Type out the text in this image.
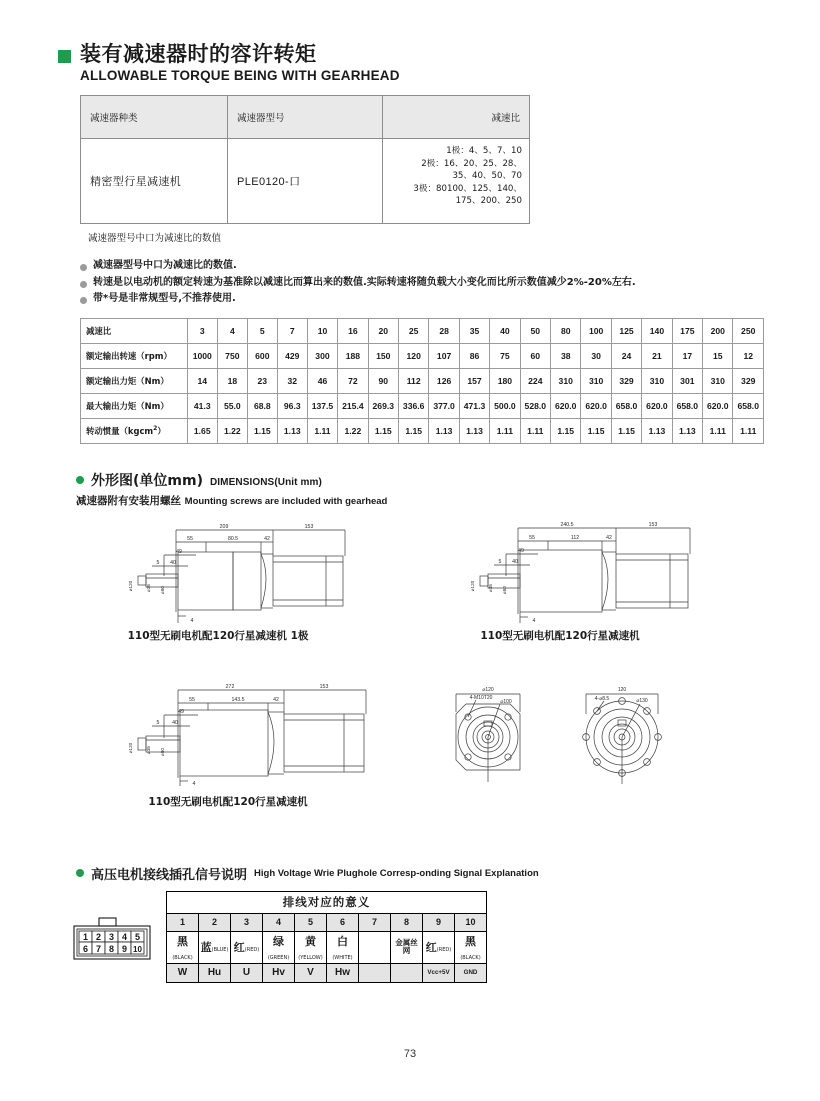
装有减速器时的容许转矩
ALLOWABLE TORQUE BEING WITH GEARHEAD
减速器种类	减速器型号	减速比
精密型行星减速机	PLE0120-口	1极：4、5、7、10
2极：16、20、25、28、
35、40、50、70
3极：80100、125、140、
175、200、250
减速器型号中口为减速比的数值
减速器型号中口为减速比的数值.
转速是以电动机的额定转速为基准除以减速比而算出来的数值.实际转速将随负载大小变化而比所示数值减少2%-20%左右.
带*号是非常规型号,不推荐使用.
减速比	3	4	5	7	10	16	20	25	28	35	40	50	80	100	125	140	175	200	250
额定输出转速（rpm）	1000	750	600	429	300	188	150	120	107	86	75	60	38	30	24	21	17	15	12
额定输出力矩（Nm）	14	18	23	32	46	72	90	112	126	157	180	224	310	310	329	310	301	310	329
最大输出力矩（Nm）	41.3	55.0	68.8	96.3	137.5	215.4	269.3	336.6	377.0	471.3	500.0	528.0	620.0	620.0	658.0	620.0	658.0	620.0	658.0
转动惯量（kgcm$^2$）	1.65	1.22	1.15	1.13	1.11	1.22	1.15	1.15	1.13	1.13	1.11	1.11	1.15	1.15	1.15	1.13	1.13	1.11	1.11
外形图(单位mm) DIMENSIONS(Unit mm)
减速器附有安装用螺丝 Mounting screws are included with gearhead
209	153
55	80.5	42
49
5 40
4
⌀120	⌀35 ⌀80
110型无刷电机配120行星减速机 1极
240.5	153
55	112	42
49
5 40
4
⌀120	⌀35 ⌀80
110型无刷电机配120行星减速机
272	153
55	143.5	42
49
5 40
4
⌀120	⌀35 ⌀80
110型无刷电机配120行星减速机
⌀120
4-M10T20
⌀100
120
4-⌀8.5	⌀130
高压电机接线插孔信号说明 High Voltage Wrie Plughole Corresp-onding Signal Explanation
1 2 3 4 5
6 7 8 9 10
排线对应的意义									
1	2	3	4	5	6	7	8	9	10
黑(BLACK)	蓝(BLUE)	红(RED)	绿(GREEN)	黄(YELLOW)	白(WHITE)		金属丝网	红(RED)	黑(BLACK)
W	Hu	U	Hv	V	Hw			Vcc+5V	GND
73
